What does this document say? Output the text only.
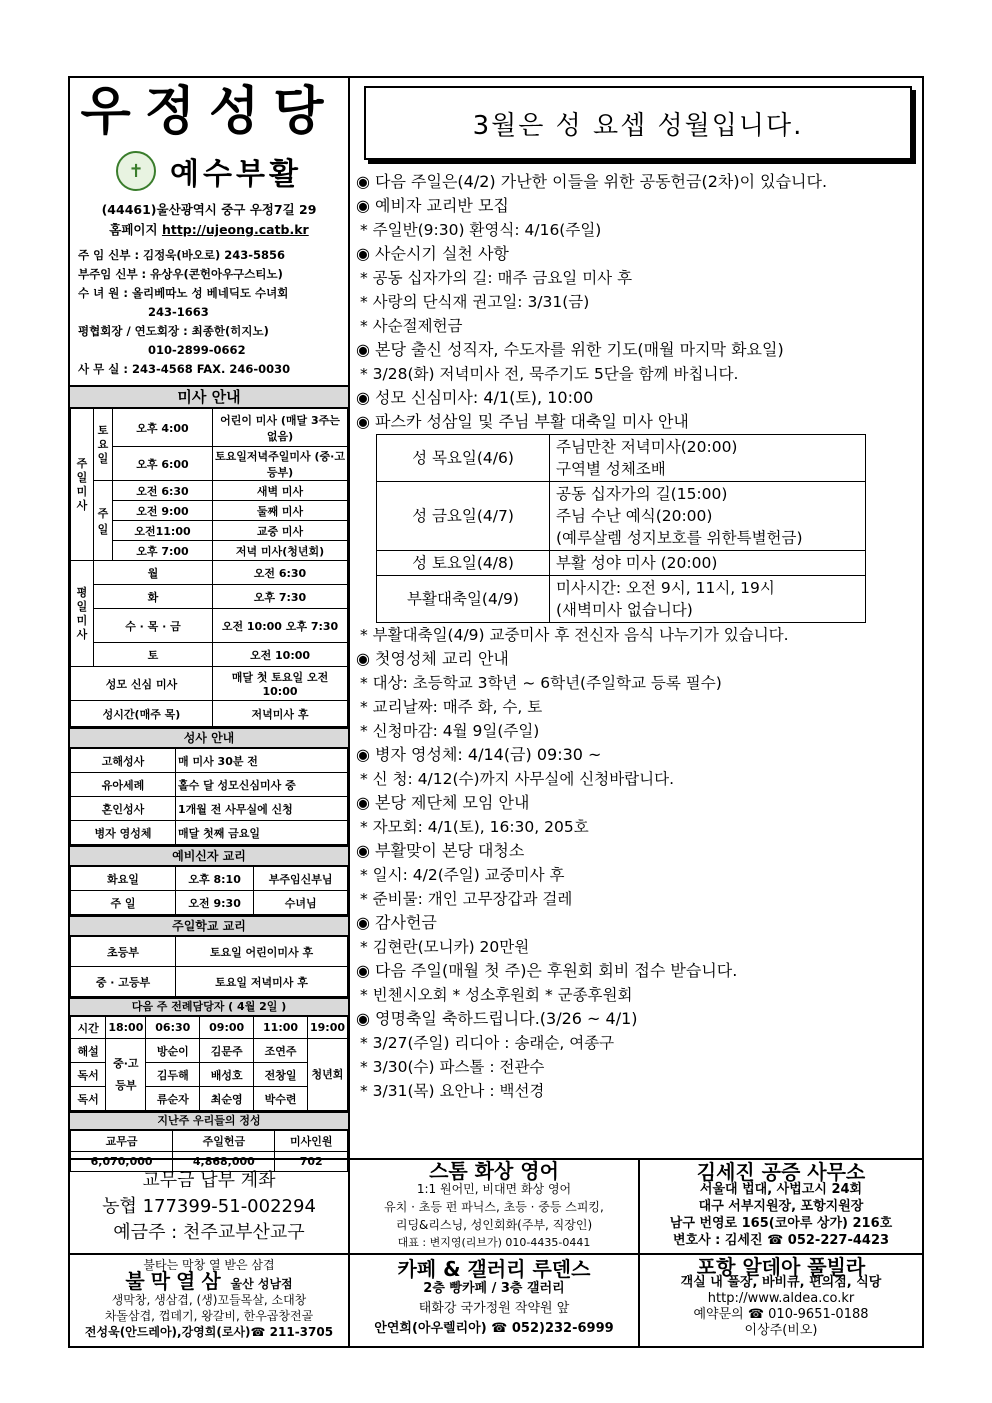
우정성당
✝ 예수부활
(44461)울산광역시 중구 우정7길 29
홈페이지 http://ujeong.catb.kr
주 임 신부 : 김정욱(바오로) 243-5856
부주임 신부 : 유상우(콘헌아우구스티노)
수 녀 원 : 올리베따노 성 베네딕도 수녀회
243-1663
평협회장 / 연도회장 : 최종한(히지노)
010-2899-0662
사 무 실 : 243-4568 FAX. 246-0030
미사 안내
주일미사	토요일	오후 4:00	어린이 미사 (매달 3주는 없음)
		오후 6:00	토요일저녁주일미사 (중·고등부)
	주일	오전 6:30	새벽 미사
		오전 9:00	둘째 미사
		오전11:00	교중 미사
		오후 7:00	저녁 미사(청년회)
평일미사	월		오전 6:30
	화		오후 7:30
	수 · 목 · 금		오전 10:00 오후 7:30
	토		오전 10:00
성모 신심 미사			매달 첫 토요일 오전 10:00
성시간(매주 목)			저녁미사 후
성사 안내
고해성사	매 미사 30분 전
유아세례	홀수 달 성모신심미사 중
혼인성사	1개월 전 사무실에 신청
병자 영성체	매달 첫째 금요일
예비신자 교리
화요일	오후 8:10	부주임신부님
주 일	오전 9:30	수녀님
주일학교 교리
초등부	토요일 어린이미사 후
중 · 고등부	토요일 저녁미사 후
다음 주 전례담당자 ( 4월 2일 )
시간	18:00	06:30	09:00	11:00	19:00
해설	중·고등부	방순이	김문주	조연주	청년회
독서		김두해	배성호	전창일	
독서		류순자	최순영	박수련	
지난주 우리들의 정성
교무금	주일헌금	미사인원
6,070,000	4,868,000	702
3월은 성 요셉 성월입니다.
◉ 다음 주일은(4/2) 가난한 이들을 위한 공동헌금(2차)이 있습니다.
◉ 예비자 교리반 모집
* 주일반(9:30) 환영식: 4/16(주일)
◉ 사순시기 실천 사항
* 공동 십자가의 길: 매주 금요일 미사 후
* 사랑의 단식재 권고일: 3/31(금)
* 사순절제헌금
◉ 본당 출신 성직자, 수도자를 위한 기도(매월 마지막 화요일)
* 3/28(화) 저녁미사 전, 묵주기도 5단을 함께 바칩니다.
◉ 성모 신심미사: 4/1(토), 10:00
◉ 파스카 성삼일 및 주님 부활 대축일 미사 안내
성 목요일(4/6)	주님만찬 저녁미사(20:00)
구역별 성체조배

성 금요일(4/7)	공동 십자가의 길(15:00)
주님 수난 예식(20:00)
(예루살렘 성지보호를 위한특별헌금)

성 토요일(4/8)	부활 성야 미사 (20:00)

부활대축일(4/9)	미사시간: 오전 9시, 11시, 19시
(새벽미사 없습니다)
* 부활대축일(4/9) 교중미사 후 전신자 음식 나누기가 있습니다.
◉ 첫영성체 교리 안내
* 대상: 초등학교 3학년 ~ 6학년(주일학교 등록 필수)
* 교리날짜: 매주 화, 수, 토
* 신청마감: 4월 9일(주일)
◉ 병자 영성체: 4/14(금) 09:30 ~
* 신 청: 4/12(수)까지 사무실에 신청바랍니다.
◉ 본당 제단체 모임 안내
* 자모회: 4/1(토), 16:30, 205호
◉ 부활맞이 본당 대청소
* 일시: 4/2(주일) 교중미사 후
* 준비물: 개인 고무장갑과 걸레
◉ 감사헌금
* 김현란(모니카) 20만원
◉ 다음 주일(매월 첫 주)은 후원회 회비 접수 받습니다.
* 빈첸시오회 * 성소후원회 * 군종후원회
◉ 영명축일 축하드립니다.(3/26 ~ 4/1)
* 3/27(주일) 리디아 : 송래순, 여종구
* 3/30(수) 파스톨 : 전관수
* 3/31(목) 요안나 : 백선경
교무금 납부 계좌
농협 177399-51-002294
예금주 : 천주교부산교구
스톰 화상 영어
1:1 원어민, 비대면 화상 영어
유치 · 초등 펀 파닉스, 초등 · 중등 스피킹,
리딩&리스닝, 성인회화(주부, 직장인)
대표 : 변지영(리브가) 010-4435-0441
김세진 공증 사무소
서울대 법대, 사법고시 24회
대구 서부지원장, 포항지원장
남구 번영로 165(코아루 상가) 216호
변호사 : 김세진 ☎ 052-227-4423
불타는 막창 열 받은 삼겹
불막열삼 울산 성남점
생막창, 생삼겹, (생)꼬들목살, 소대창
차돌삼겹, 껍데기, 왕갈비, 한우곱창전골
전성욱(안드레아),강영희(로사)☎ 211-3705
카페 & 갤러리 루덴스
2층 빵카페 / 3층 갤러리
태화강 국가정원 작약원 앞
안연희(아우렐리아) ☎ 052)232-6999
포항 알데아 풀빌라
객실 내 풀장, 바비큐, 편의점, 식당
http://www.aldea.co.kr
예약문의 ☎ 010-9651-0188
이상주(비오)
